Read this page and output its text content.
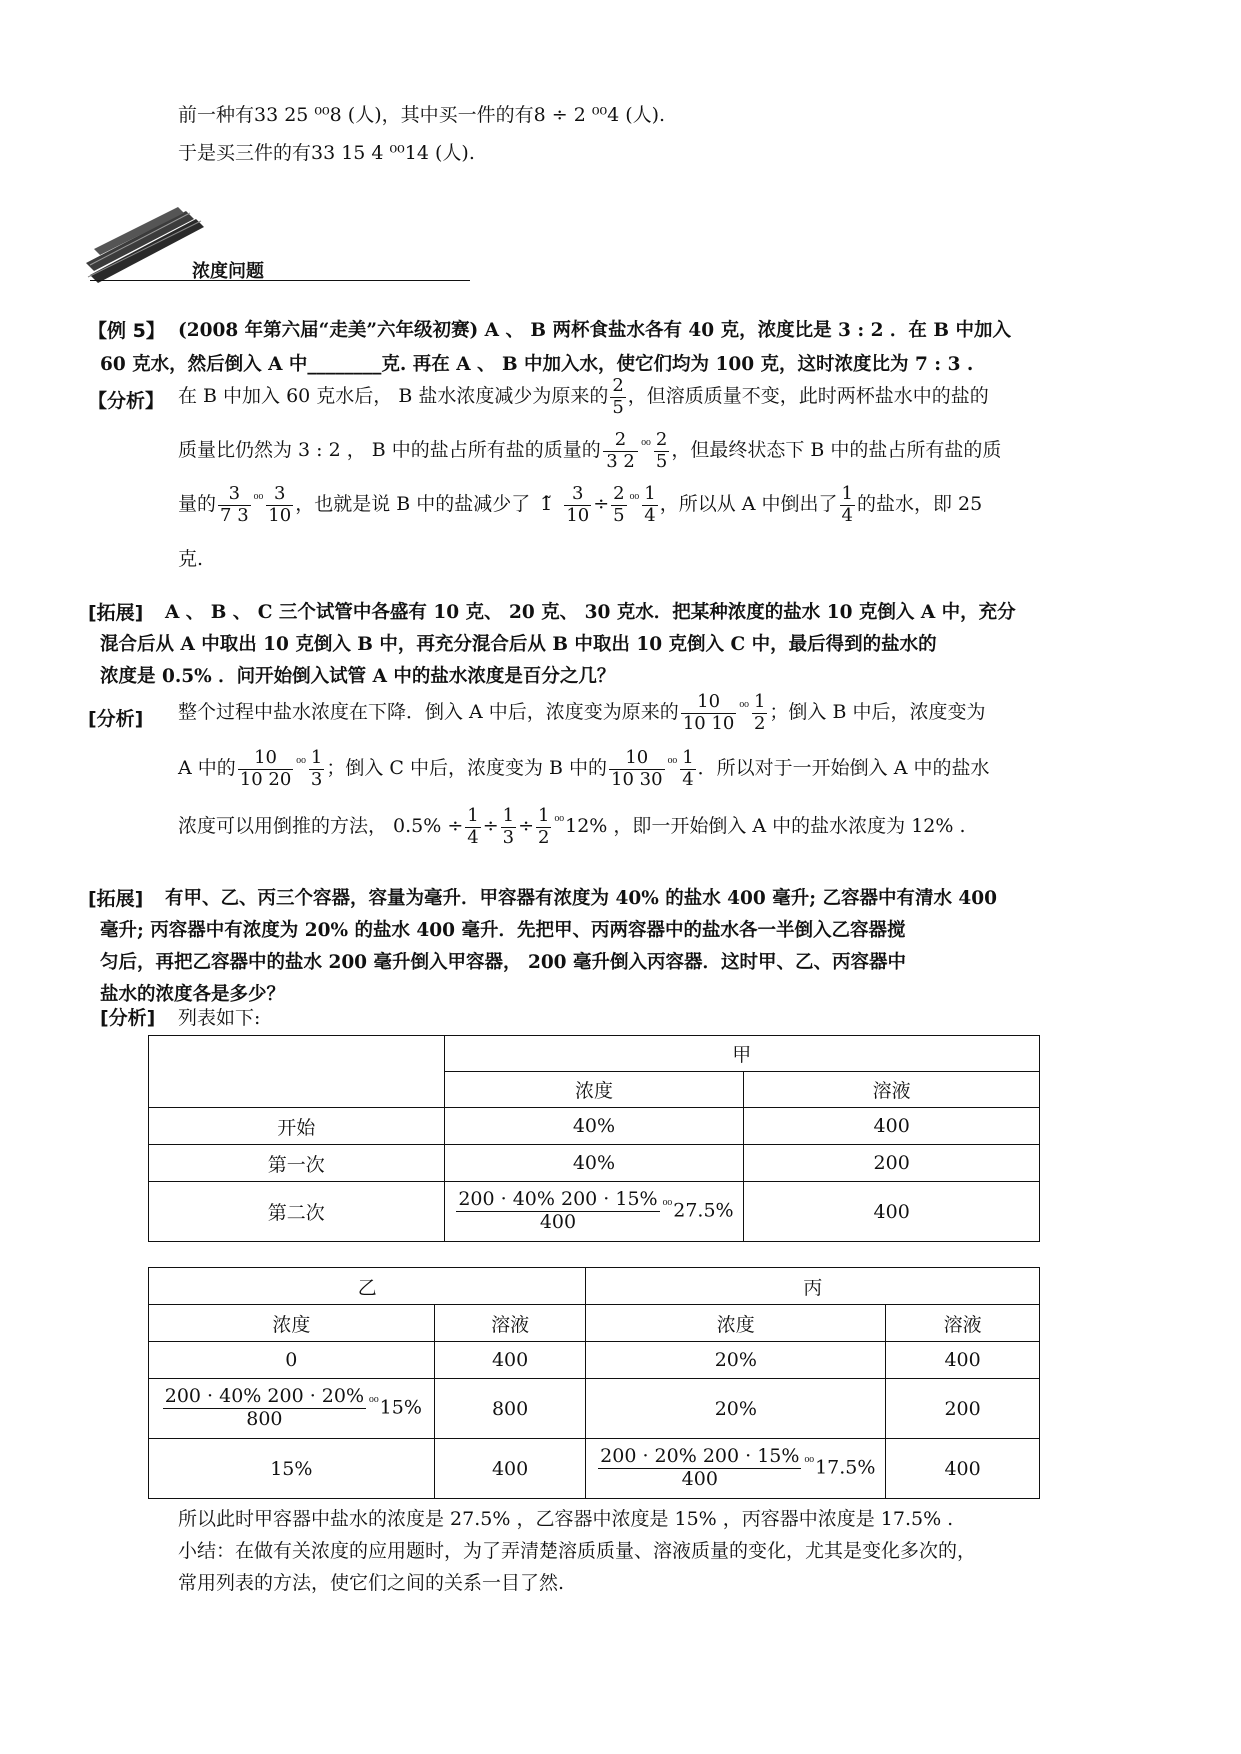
前一种有33 25 ⁰⁰8 (人)，其中买一件的有8 ÷ 2 ⁰⁰4 (人).
于是买三件的有33 15 4 ⁰⁰14 (人).
浓度问题
【例 5】 (2008 年第六届“走美”六年级初赛) A 、 B 两杯食盐水各有 40 克，浓度比是 3 : 2 ．在 B 中加入
60 克水，然后倒入 A 中________克. 再在 A 、 B 中加入水，使它们均为 100 克，这时浓度比为 7 : 3 .
【分析】 在 B 中加入 60 克水后， B 盐水浓度减少为原来的 $\frac{2}{5}$ ，但溶质质量不变，此时两杯盐水中的盐的
质量比仍然为 3 : 2 ， B 中的盐占所有盐的质量的 $\frac{2}{3 2} ^{^{00}} \frac{2}{5}$ ，但最终状态下 B 中的盐占所有盐的质
量的 $\frac{3}{7 3} ^{^{00}} \frac{3}{10}$ ，也就是说 B 中的盐减少了 1̃ $\frac{3}{10} \div \frac{2}{5} ^{^{00}} \frac{1}{4}$ ，所以从 A 中倒出了 $\frac{1}{4}$ 的盐水，即 25
克.
[拓展] A 、 B 、 C 三个试管中各盛有 10 克、 20 克、 30 克水．把某种浓度的盐水 10 克倒入 A 中，充分
混合后从 A 中取出 10 克倒入 B 中，再充分混合后从 B 中取出 10 克倒入 C 中，最后得到的盐水的
浓度是 0.5% ．问开始倒入试管 A 中的盐水浓度是百分之几？
[分析] 整个过程中盐水浓度在下降．倒入 A 中后，浓度变为原来的 $\frac{10}{10 10} ^{^{00}} \frac{1}{2}$ ；倒入 B 中后，浓度变为
A 中的 $\frac{10}{10 20} ^{^{00}} \frac{1}{3}$ ；倒入 C 中后，浓度变为 B 中的 $\frac{10}{10 30} ^{^{00}} \frac{1}{4}$ ．所以对于一开始倒入 A 中的盐水
浓度可以用倒推的方法， $0.5\% \div \frac{1}{4} \div \frac{1}{3} \div \frac{1}{2} ^{^{00}}12\%$ ，即一开始倒入 A 中的盐水浓度为 12% .
[拓展] 有甲、乙、丙三个容器，容量为毫升．甲容器有浓度为 40% 的盐水 400 毫升; 乙容器中有清水 400
毫升; 丙容器中有浓度为 20% 的盐水 400 毫升．先把甲、丙两容器中的盐水各一半倒入乙容器搅
匀后，再把乙容器中的盐水 200 毫升倒入甲容器， 200 毫升倒入丙容器．这时甲、乙、丙容器中
盐水的浓度各是多少？
[分析] 列表如下:
	甲	
	浓度	溶液
开始	40%	400
第一次	40%	200
第二次	$\frac{200 \cdot 40\% 200 \cdot 15\%}{400} ^{^{00}}27.5\%$	400
乙		丙	
浓度	溶液	浓度	溶液
0	400	20%	400

$\frac{200 \cdot 40\% 200 \cdot 20\%}{800} ^{^{00}}15\%$	800	20%	200
15%	400	$\frac{200 \cdot 20\% 200 \cdot 15\%}{400} ^{^{00}}17.5\%$	400
所以此时甲容器中盐水的浓度是 27.5% ，乙容器中浓度是 15% ，丙容器中浓度是 17.5% .
小结：在做有关浓度的应用题时，为了弄清楚溶质质量、溶液质量的变化，尤其是变化多次的，
常用列表的方法，使它们之间的关系一目了然.
